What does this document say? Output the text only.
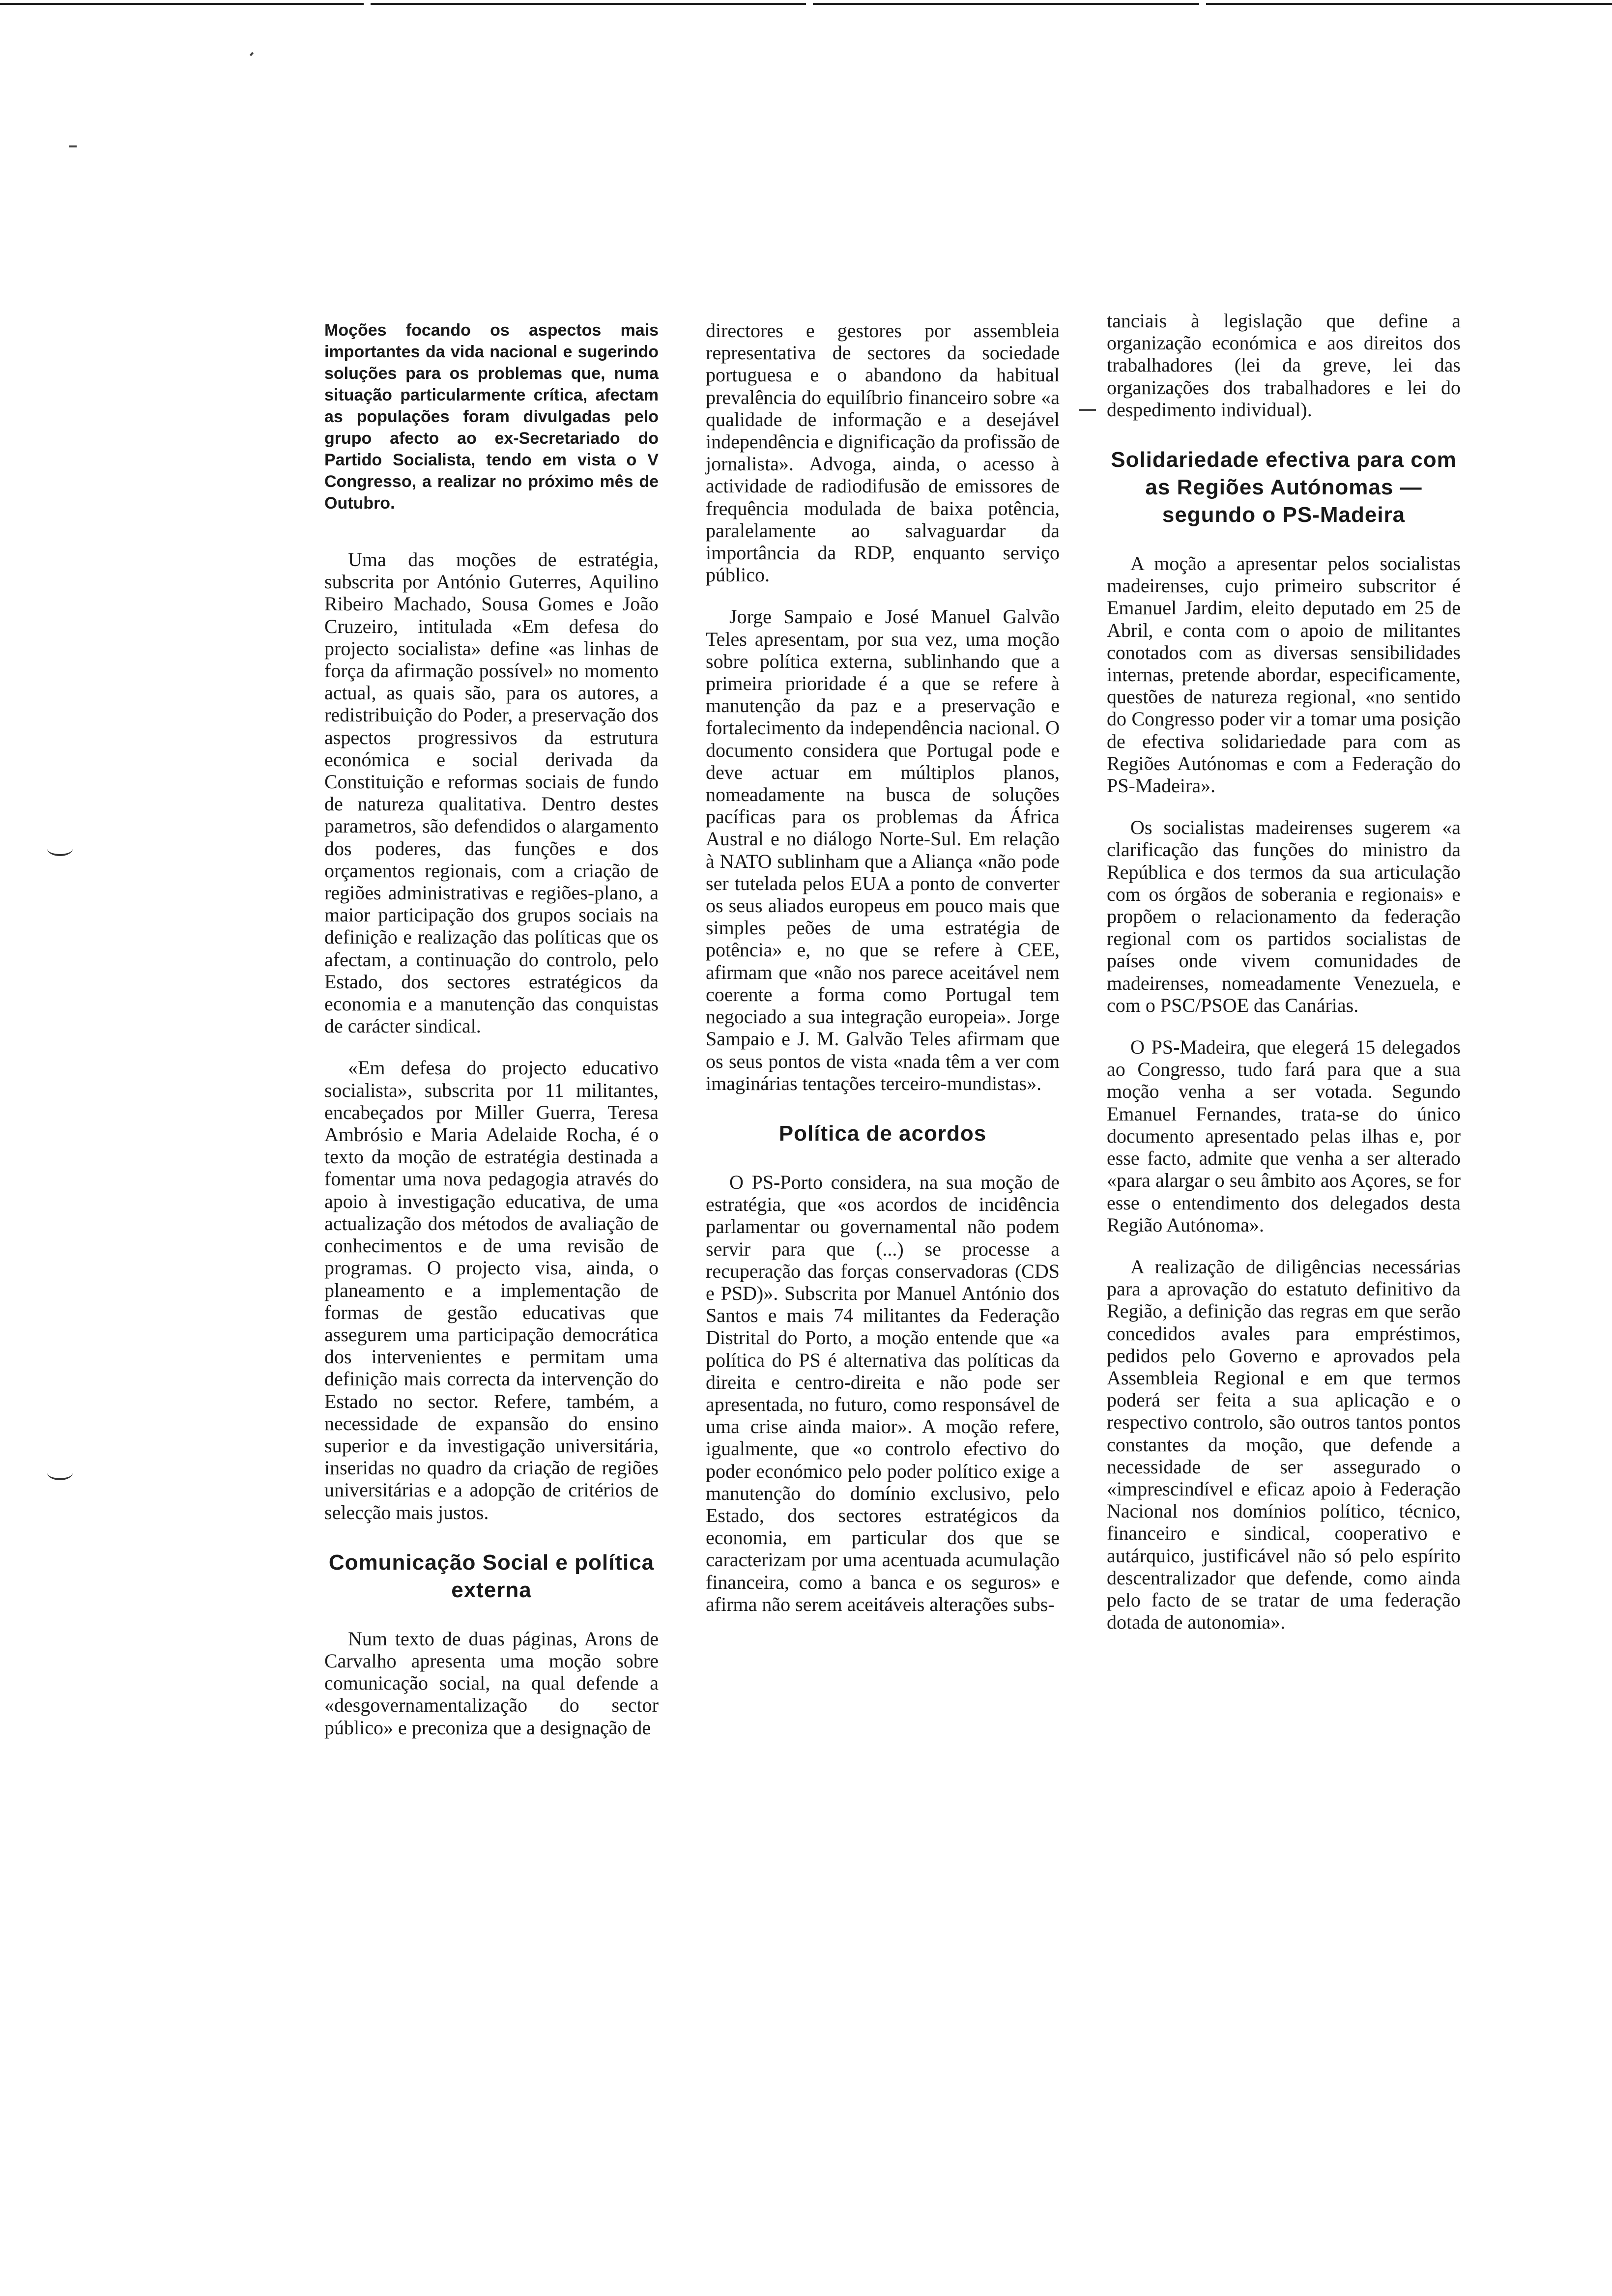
Moções focando os aspectos mais importantes da vida nacional e sugerindo soluções para os problemas que, numa situação particularmente crítica, afectam as populações foram divulgadas pelo grupo afecto ao ex-Secretariado do Partido Socialista, tendo em vista o V Congresso, a realizar no próximo mês de Outubro.

Uma das moções de estratégia, subscrita por António Guterres, Aquilino Ribeiro Machado, Sousa Gomes e João Cruzeiro, intitulada «Em defesa do projecto socialista» define «as linhas de força da afirmação possível» no momento actual, as quais são, para os autores, a redistribuição do Poder, a preservação dos aspectos progressivos da estrutura económica e social derivada da Constituição e reformas sociais de fundo de natureza qualitativa. Dentro destes parametros, são defendidos o alargamento dos poderes, das funções e dos orçamentos regionais, com a criação de regiões administrativas e regiões-plano, a maior participação dos grupos sociais na definição e realização das políticas que os afectam, a continuação do controlo, pelo Estado, dos sectores estratégicos da economia e a manutenção das conquistas de carácter sindical.

«Em defesa do projecto educativo socialista», subscrita por 11 militantes, encabeçados por Miller Guerra, Teresa Ambrósio e Maria Adelaide Rocha, é o texto da moção de estratégia destinada a fomentar uma nova pedagogia através do apoio à investigação educativa, de uma actualização dos métodos de avaliação de conhecimentos e de uma revisão de programas. O projecto visa, ainda, o planeamento e a implementação de formas de gestão educativas que assegurem uma participação democrática dos intervenientes e permitam uma definição mais correcta da intervenção do Estado no sector. Refere, também, a necessidade de expansão do ensino superior e da investigação universitária, inseridas no quadro da criação de regiões universitárias e a adopção de critérios de selecção mais justos.

Comunicação Social e política externa

Num texto de duas páginas, Arons de Carvalho apresenta uma moção sobre comunicação social, na qual defende a «desgovernamentalização do sector público» e preconiza que a designação de

directores e gestores por assembleia representativa de sectores da sociedade portuguesa e o abandono da habitual prevalência do equilíbrio financeiro sobre «a qualidade de informação e a desejável independência e dignificação da profissão de jornalista». Advoga, ainda, o acesso à actividade de radiodifusão de emissores de frequência modulada de baixa potência, paralelamente ao salvaguardar da importância da RDP, enquanto serviço público.

Jorge Sampaio e José Manuel Galvão Teles apresentam, por sua vez, uma moção sobre política externa, sublinhando que a primeira prioridade é a que se refere à manutenção da paz e a preservação e fortalecimento da independência nacional. O documento considera que Portugal pode e deve actuar em múltiplos planos, nomeadamente na busca de soluções pacíficas para os problemas da África Austral e no diálogo Norte-Sul. Em relação à NATO sublinham que a Aliança «não pode ser tutelada pelos EUA a ponto de converter os seus aliados europeus em pouco mais que simples peões de uma estratégia de potência» e, no que se refere à CEE, afirmam que «não nos parece aceitável nem coerente a forma como Portugal tem negociado a sua integração europeia». Jorge Sampaio e J. M. Galvão Teles afirmam que os seus pontos de vista «nada têm a ver com imaginárias tentações terceiro-mundistas».

Política de acordos

O PS-Porto considera, na sua moção de estratégia, que «os acordos de incidência parlamentar ou governamental não podem servir para que (...) se processe a recuperação das forças conservadoras (CDS e PSD)». Subscrita por Manuel António dos Santos e mais 74 militantes da Federação Distrital do Porto, a moção entende que «a política do PS é alternativa das políticas da direita e centro-direita e não pode ser apresentada, no futuro, como responsável de uma crise ainda maior». A moção refere, igualmente, que «o controlo efectivo do poder económico pelo poder político exige a manutenção do domínio exclusivo, pelo Estado, dos sectores estratégicos da economia, em particular dos que se caracterizam por uma acentuada acumulação financeira, como a banca e os seguros» e afirma não serem aceitáveis alterações subs-

tanciais à legislação que define a organização económica e aos direitos dos trabalhadores (lei da greve, lei das organizações dos trabalhadores e lei do despedimento individual).

Solidariedade efectiva para com as Regiões Autónomas — segundo o PS-Madeira

A moção a apresentar pelos socialistas madeirenses, cujo primeiro subscritor é Emanuel Jardim, eleito deputado em 25 de Abril, e conta com o apoio de militantes conotados com as diversas sensibilidades internas, pretende abordar, especificamente, questões de natureza regional, «no sentido do Congresso poder vir a tomar uma posição de efectiva solidariedade para com as Regiões Autónomas e com a Federação do PS-Madeira».

Os socialistas madeirenses sugerem «a clarificação das funções do ministro da República e dos termos da sua articulação com os órgãos de soberania e regionais» e propõem o relacionamento da federação regional com os partidos socialistas de países onde vivem comunidades de madeirenses, nomeadamente Venezuela, e com o PSC/PSOE das Canárias.

O PS-Madeira, que elegerá 15 delegados ao Congresso, tudo fará para que a sua moção venha a ser votada. Segundo Emanuel Fernandes, trata-se do único documento apresentado pelas ilhas e, por esse facto, admite que venha a ser alterado «para alargar o seu âmbito aos Açores, se for esse o entendimento dos delegados desta Região Autónoma».

A realização de diligências necessárias para a aprovação do estatuto definitivo da Região, a definição das regras em que serão concedidos avales para empréstimos, pedidos pelo Governo e aprovados pela Assembleia Regional e em que termos poderá ser feita a sua aplicação e o respectivo controlo, são outros tantos pontos constantes da moção, que defende a necessidade de ser assegurado o «imprescindível e eficaz apoio à Federação Nacional nos domínios político, técnico, financeiro e sindical, cooperativo e autárquico, justificável não só pelo espírito descentralizador que defende, como ainda pelo facto de se tratar de uma federação dotada de autonomia».
